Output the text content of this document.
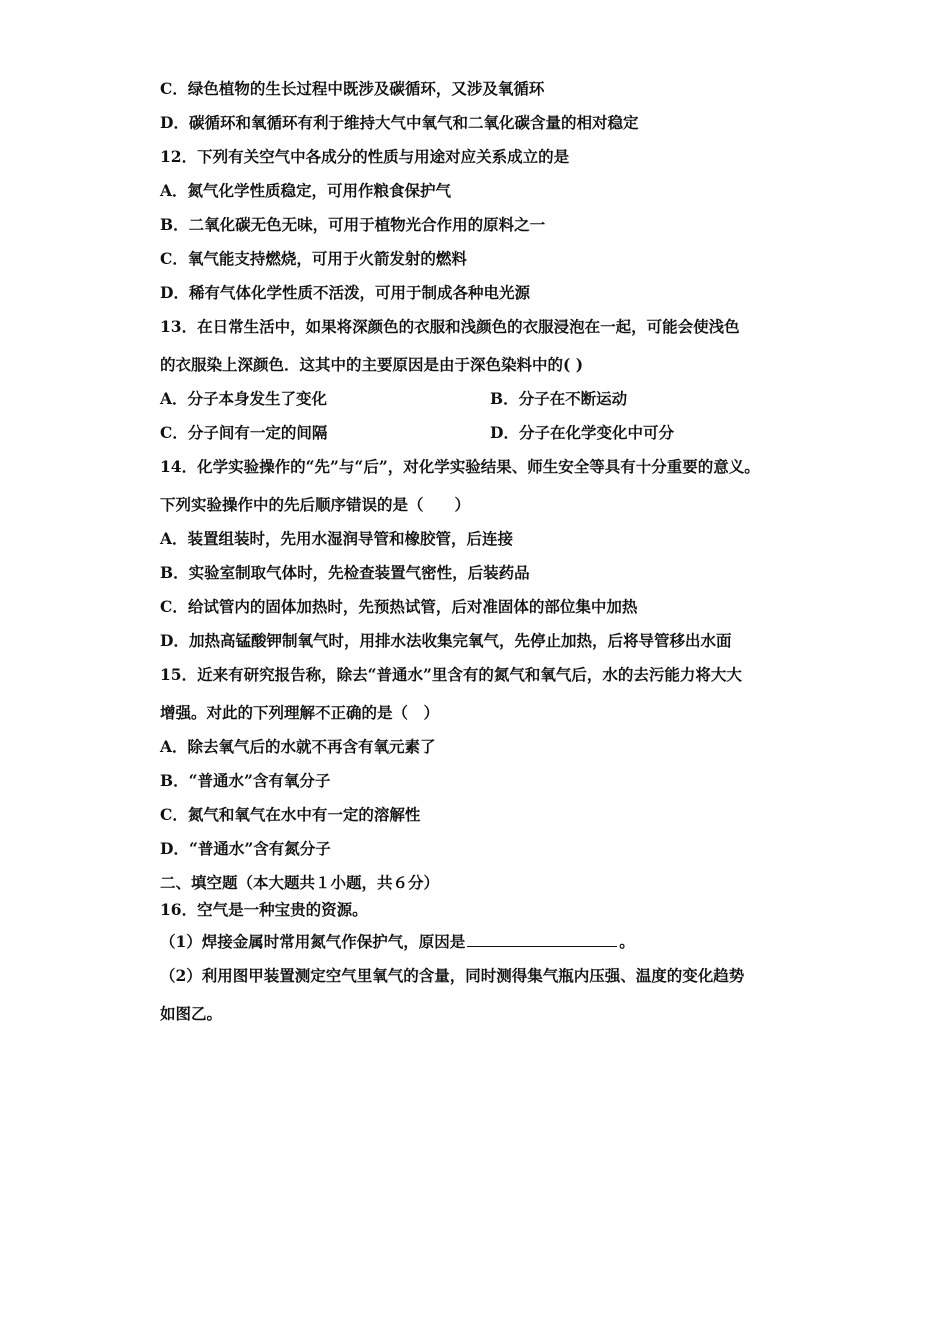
C．绿色植物的生长过程中既涉及碳循环，又涉及氧循环
D．碳循环和氧循环有利于维持大气中氧气和二氧化碳含量的相对稳定
12．下列有关空气中各成分的性质与用途对应关系成立的是
A．氮气化学性质稳定，可用作粮食保护气
B．二氧化碳无色无味，可用于植物光合作用的原料之一
C．氧气能支持燃烧，可用于火箭发射的燃料
D．稀有气体化学性质不活泼，可用于制成各种电光源
13．在日常生活中，如果将深颜色的衣服和浅颜色的衣服浸泡在一起，可能会使浅色
的衣服染上深颜色．这其中的主要原因是由于深色染料中的( )
A．分子本身发生了变化	B．分子在不断运动
C．分子间有一定的间隔	D．分子在化学变化中可分
14．化学实验操作的“先”与“后”，对化学实验结果、师生安全等具有十分重要的意义。
下列实验操作中的先后顺序错误的是（　　）
A．装置组装时，先用水湿润导管和橡胶管，后连接
B．实验室制取气体时，先检查装置气密性，后装药品
C．给试管内的固体加热时，先预热试管，后对准固体的部位集中加热
D．加热高锰酸钾制氧气时，用排水法收集完氧气，先停止加热，后将导管移出水面
15．近来有研究报告称，除去“普通水”里含有的氮气和氧气后，水的去污能力将大大
增强。对此的下列理解不正确的是（　）
A．除去氧气后的水就不再含有氧元素了
B．“普通水”含有氧分子
C．氮气和氧气在水中有一定的溶解性
D．“普通水”含有氮分子
二、填空题（本大题共１小题，共６分）
16．空气是一种宝贵的资源。
（1）焊接金属时常用氮气作保护气，原因是	。
（2）利用图甲装置测定空气里氧气的含量，同时测得集气瓶内压强、温度的变化趋势
如图乙。
